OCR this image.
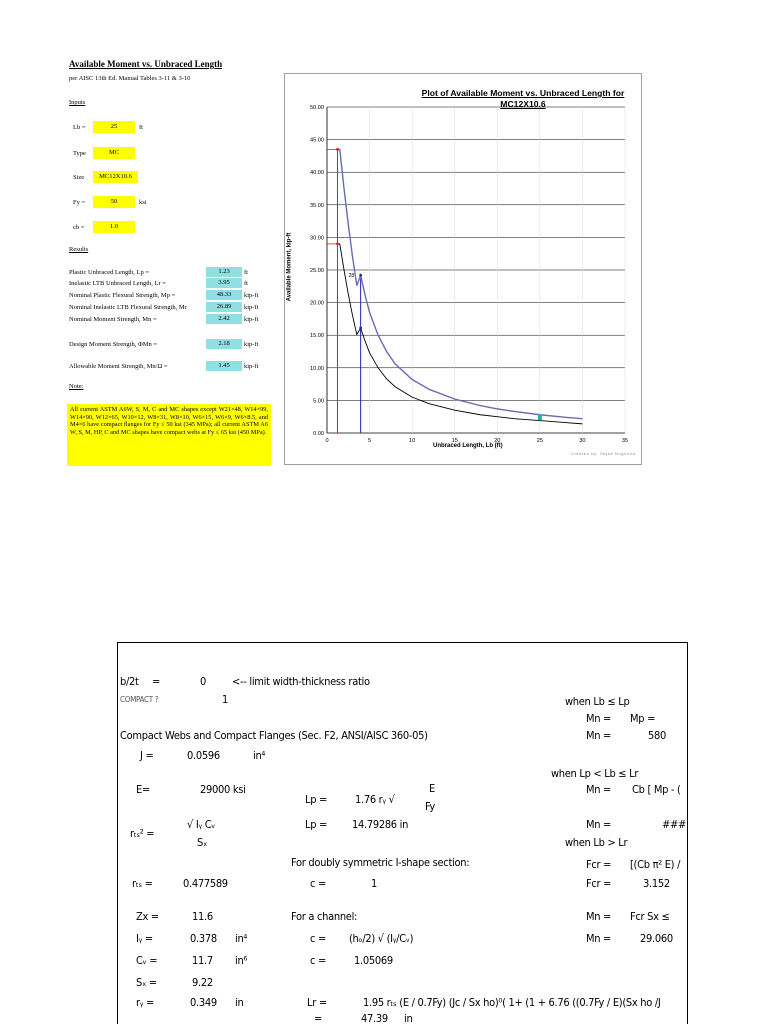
Available Moment vs. Unbraced Length
per AISC 13th Ed. Manual Tables 3-11 & 3-10
Inputs
Lb =	25	ft
Type	MC
Size	MC12X10.6
Fy =	50	ksi
cb =	1.0
Results
Plastic Unbraced Length, Lp =	1.23	ft
Inelastic LTB Unbraced Length, Lr =	3.95	ft
Nominal Plastic Flexural Strength, Mp =	48.33	kip-ft
Nominal Inelastic LTB Flexural Strength, Mr	26.89	kip-ft
Nominal Moment Strength, Mn =	2.42	kip-ft
Design Moment Strength, ΦMn =	2.18	kip-ft
Allowable Moment Strength, Mn/Ω =	1.45	kip-ft
Note:
All current ASTM A6W, S, M, C and MC shapes except W21×48, W14×99, W14×90, W12×65, W10×12, W8×31, W8×10, W6×15, W6×9, W6×8.5, and M4×6 have compact flanges for Fy ≤ 50 ksi (345 MPa); all current ASTM A6 W, S, M, HP, C and MC shapes have compact webs at Fy ≤ 65 ksi (450 MPa).	0.00
5.00
10.00
15.00
20.00
25.00
30.00
35.00
40.00
45.00
50.00
0	5	10	15	20	25	30	35
28
Plot of Available Moment vs. Unbraced Length for MC12X10.6
Unbraced Length, Lb (ft)
Available Moment, kip-ft
Created by: Sajed Nogilone
b/2t =	0 <-- limit width-thickness ratio
COMPACT ?	1
Compact Webs and Compact Flanges (Sec. F2, ANSI/AISC 360-05)
J =	0.0596	in⁴
E=	29000 ksi
Lp =	1.76 rᵧ √
E
Fy
rₜₛ² =
√ Iᵧ Cᵥ
Sₓ
Lp = 14.79286 in
For doubly symmetric I-shape section:
rₜₛ =	0.477589	c =	1
Zx =	11.6	For a channel:
Iᵧ =	0.378 in⁴	c = (hₒ/2) √ (Iᵧ/Cᵥ)
Cᵥ =	11.7 in⁶	c =	1.05069
Sₓ =	9.22
rᵧ =	0.349 in	Lr =	1.95 rₜₛ (E / 0.7Fy) (Jc / Sx ho)⁰( 1+ (1 + 6.76 ((0.7Fy / E)(Sx ho /J
=	47.39 in
when Lb ≤ Lp
Mn = Mp =
Mn =	580
when Lp < Lb ≤ Lr
Mn = Cb [ Mp - (
Mn =	###
when Lb > Lr
Fcr = [(Cb π² E) /
Fcr =	3.152
Mn = Fcr Sx ≤
Mn =	29.060
